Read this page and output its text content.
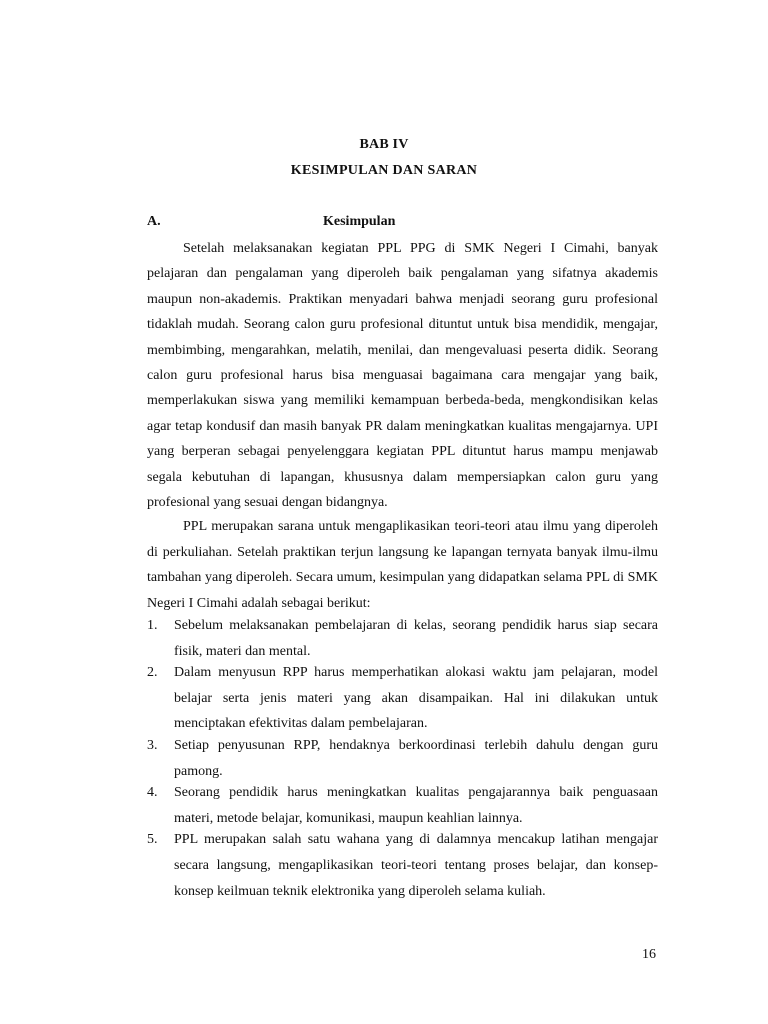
BAB IV
KESIMPULAN DAN SARAN
A.	Kesimpulan

Setelah melaksanakan kegiatan PPL PPG di SMK Negeri I Cimahi, banyak pelajaran dan pengalaman yang diperoleh baik pengalaman yang sifatnya akademis maupun non-akademis. Praktikan menyadari bahwa menjadi seorang guru profesional tidaklah mudah. Seorang calon guru profesional dituntut untuk bisa mendidik, mengajar, membimbing, mengarahkan, melatih, menilai, dan mengevaluasi peserta didik. Seorang calon guru profesional harus bisa menguasai bagaimana cara mengajar yang baik, memperlakukan siswa yang memiliki kemampuan berbeda-beda, mengkondisikan kelas agar tetap kondusif dan masih banyak PR dalam meningkatkan kualitas mengajarnya. UPI yang berperan sebagai penyelenggara kegiatan PPL dituntut harus mampu menjawab segala kebutuhan di lapangan, khususnya dalam mempersiapkan calon guru yang profesional yang sesuai dengan bidangnya.

PPL merupakan sarana untuk mengaplikasikan teori-teori atau ilmu yang diperoleh di perkuliahan. Setelah praktikan terjun langsung ke lapangan ternyata banyak ilmu-ilmu tambahan yang diperoleh. Secara umum, kesimpulan yang didapatkan selama PPL di SMK Negeri I Cimahi adalah sebagai berikut:

1. Sebelum melaksanakan pembelajaran di kelas, seorang pendidik harus siap secara fisik, materi dan mental.
2. Dalam menyusun RPP harus memperhatikan alokasi waktu jam pelajaran, model belajar serta jenis materi yang akan disampaikan. Hal ini dilakukan untuk menciptakan efektivitas dalam pembelajaran.
3. Setiap penyusunan RPP, hendaknya berkoordinasi terlebih dahulu dengan guru pamong.
4. Seorang pendidik harus meningkatkan kualitas pengajarannya baik penguasaan materi, metode belajar, komunikasi, maupun keahlian lainnya.
5. PPL merupakan salah satu wahana yang di dalamnya mencakup latihan mengajar secara langsung, mengaplikasikan teori-teori tentang proses belajar, dan konsep-konsep keilmuan teknik elektronika yang diperoleh selama kuliah.
16
